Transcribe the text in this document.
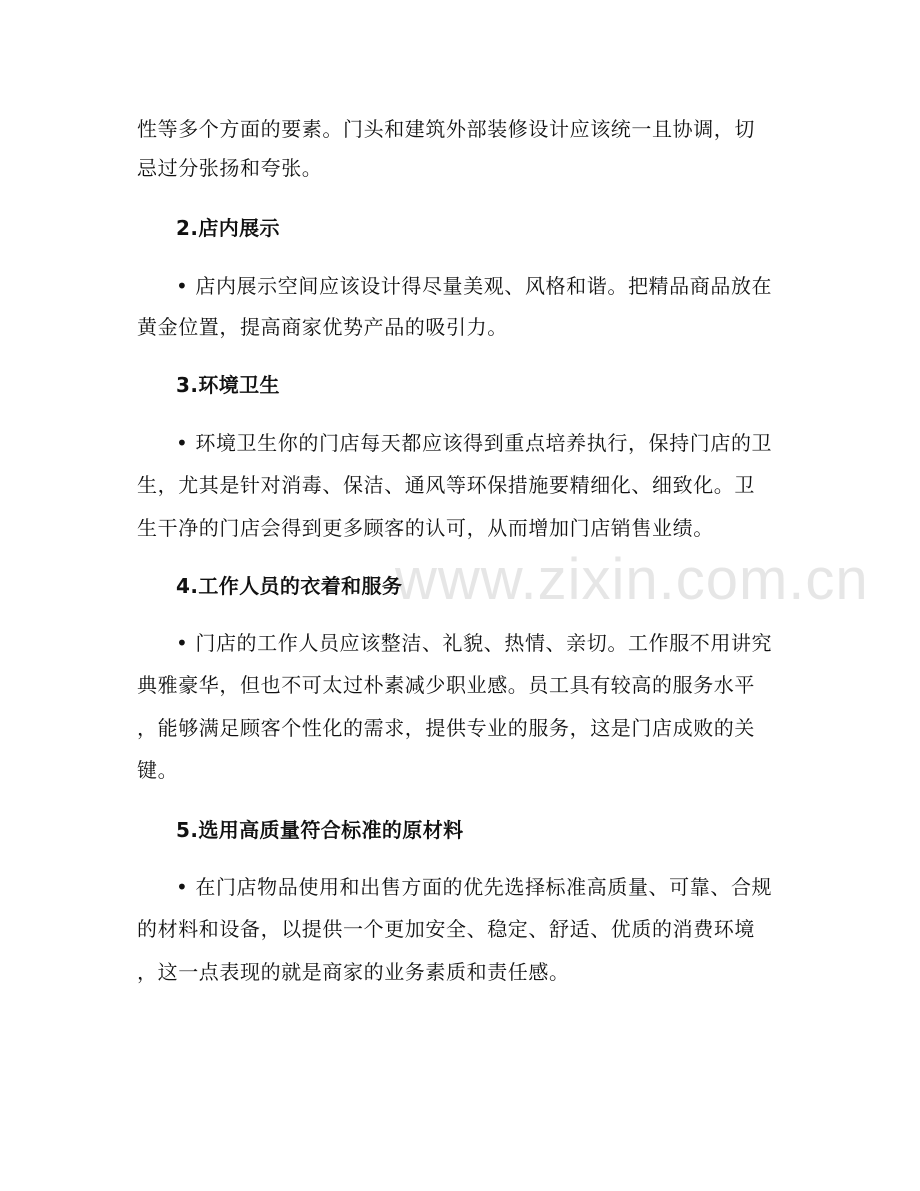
www.zixin.com.cn
性等多个方面的要素。门头和建筑外部装修设计应该统一且协调，切
忌过分张扬和夸张。
2.店内展示
• 店内展示空间应该设计得尽量美观、风格和谐。把精品商品放在
黄金位置，提高商家优势产品的吸引力。
3.环境卫生
• 环境卫生你的门店每天都应该得到重点培养执行，保持门店的卫
生，尤其是针对消毒、保洁、通风等环保措施要精细化、细致化。卫
生干净的门店会得到更多顾客的认可，从而增加门店销售业绩。
4.工作人员的衣着和服务
• 门店的工作人员应该整洁、礼貌、热情、亲切。工作服不用讲究
典雅豪华，但也不可太过朴素减少职业感。员工具有较高的服务水平
，能够满足顾客个性化的需求，提供专业的服务，这是门店成败的关
键。
5.选用高质量符合标准的原材料
• 在门店物品使用和出售方面的优先选择标准高质量、可靠、合规
的材料和设备，以提供一个更加安全、稳定、舒适、优质的消费环境
，这一点表现的就是商家的业务素质和责任感。
